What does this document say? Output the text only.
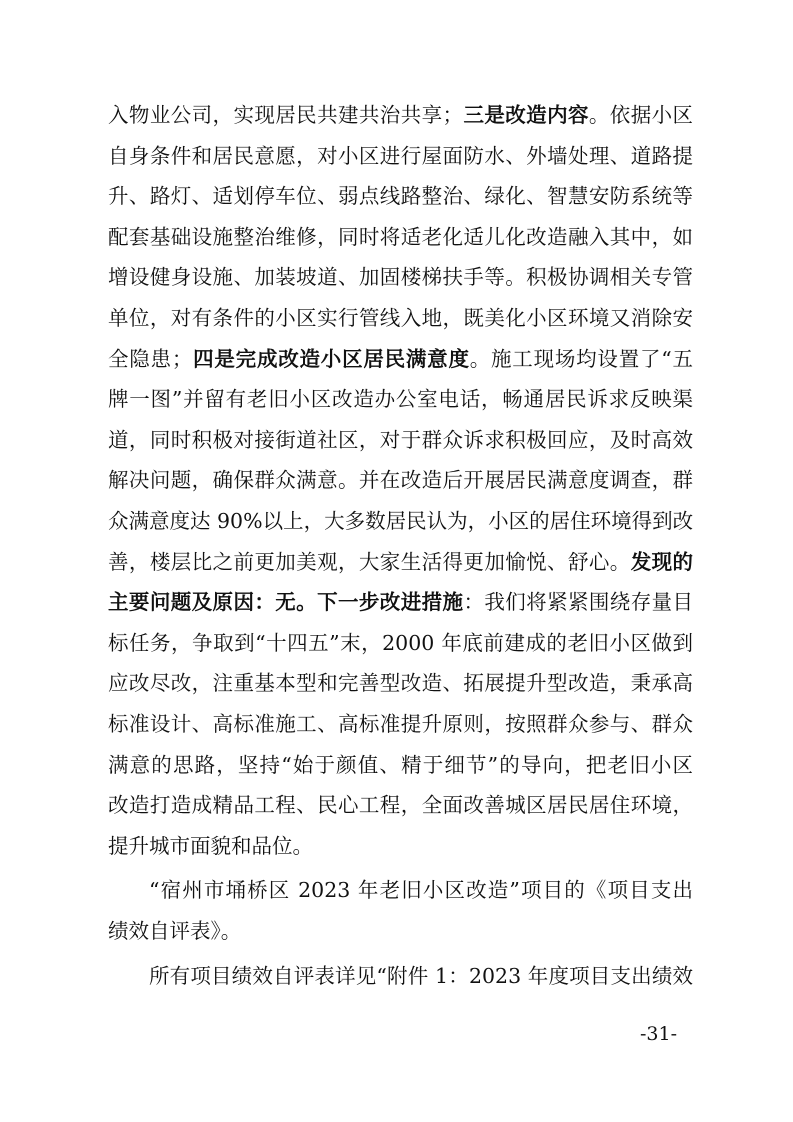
入物业公司，实现居民共建共治共享；三是改造内容。依据小区
自身条件和居民意愿，对小区进行屋面防水、外墙处理、道路提
升、路灯、适划停车位、弱点线路整治、绿化、智慧安防系统等
配套基础设施整治维修，同时将适老化适儿化改造融入其中，如
增设健身设施、加装坡道、加固楼梯扶手等。积极协调相关专管
单位，对有条件的小区实行管线入地，既美化小区环境又消除安
全隐患；四是完成改造小区居民满意度。施工现场均设置了“五
牌一图”并留有老旧小区改造办公室电话，畅通居民诉求反映渠
道，同时积极对接街道社区，对于群众诉求积极回应，及时高效
解决问题，确保群众满意。并在改造后开展居民满意度调查，群
众满意度达 90%以上，大多数居民认为，小区的居住环境得到改
善，楼层比之前更加美观，大家生活得更加愉悦、舒心。发现的
主要问题及原因：无。下一步改进措施：我们将紧紧围绕存量目
标任务，争取到“十四五”末，2000 年底前建成的老旧小区做到
应改尽改，注重基本型和完善型改造、拓展提升型改造，秉承高
标准设计、高标准施工、高标准提升原则，按照群众参与、群众
满意的思路，坚持“始于颜值、精于细节”的导向，把老旧小区
改造打造成精品工程、民心工程，全面改善城区居民居住环境，
提升城市面貌和品位。
“宿州市埇桥区 2023 年老旧小区改造”项目的《项目支出
绩效自评表》。
所有项目绩效自评表详见“附件 1：2023 年度项目支出绩效
-31-
